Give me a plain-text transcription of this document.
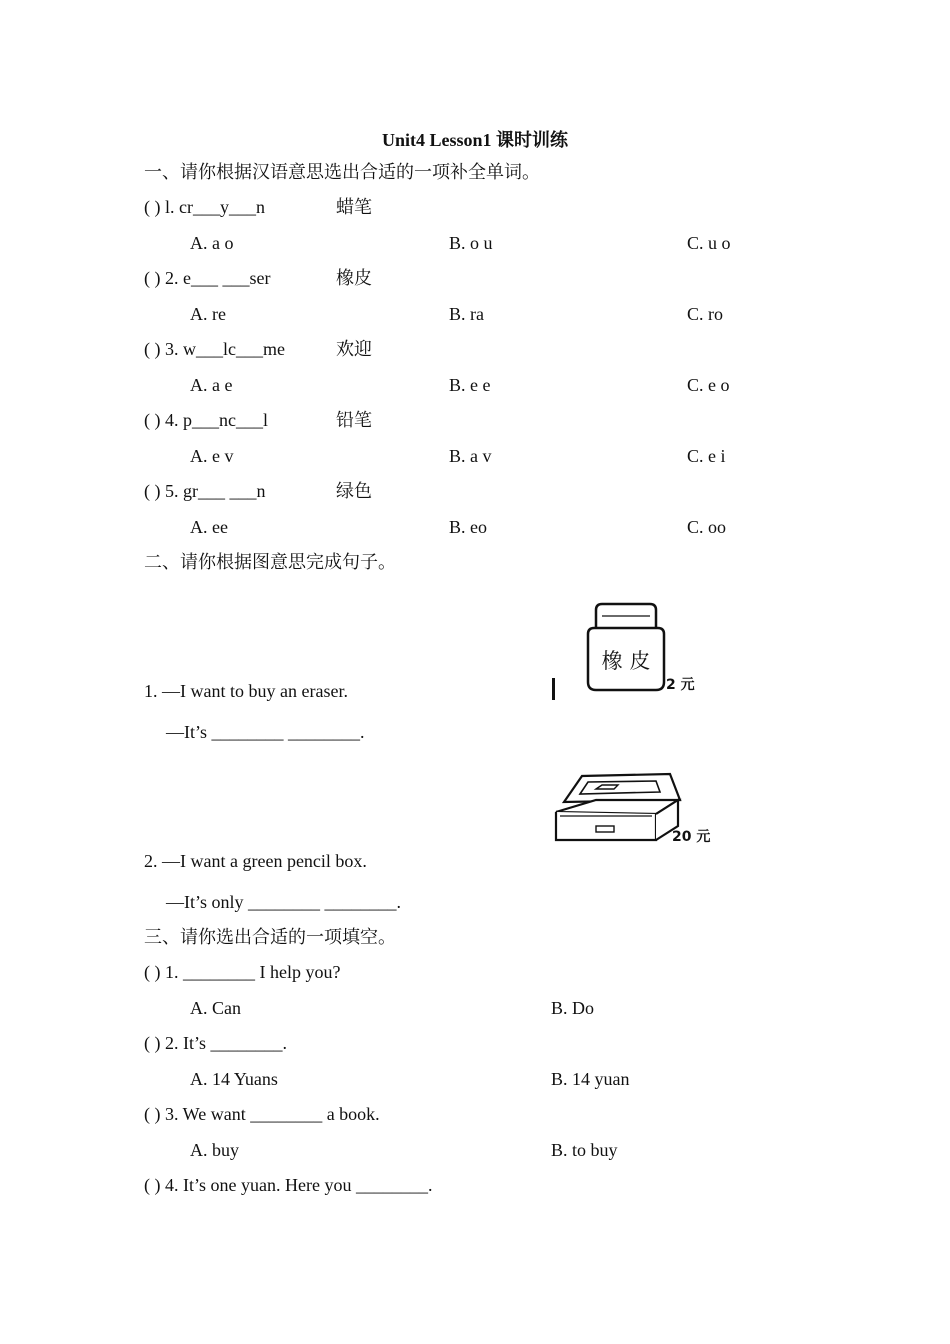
Unit4 Lesson1 课时训练
一、请你根据汉语意思选出合适的一项补全单词。
( ) l. cr___y___n	蜡笔
A. a o	B. o u	C. u o
( ) 2. e___ ___ser	橡皮
A. re	B. ra	C. ro
( ) 3. w___lc___me	欢迎
A. a e	B. e e	C. e o
( ) 4. p___nc___l	铅笔
A. e v	B. a v	C. e i
( ) 5. gr___ ___n	绿色
A. ee	B. eo	C. oo
二、请你根据图意思完成句子。
橡 皮
2 元
1. —I want to buy an eraser.
—It’s ________ ________.
20 元
2. —I want a green pencil box.
—It’s only ________ ________.
三、请你选出合适的一项填空。
( ) 1. ________ I help you?
A. Can	B. Do
( ) 2. It’s ________.
A. 14 Yuans	B. 14 yuan
( ) 3. We want ________ a book.
A. buy	B. to buy
( ) 4. It’s one yuan. Here you ________.
